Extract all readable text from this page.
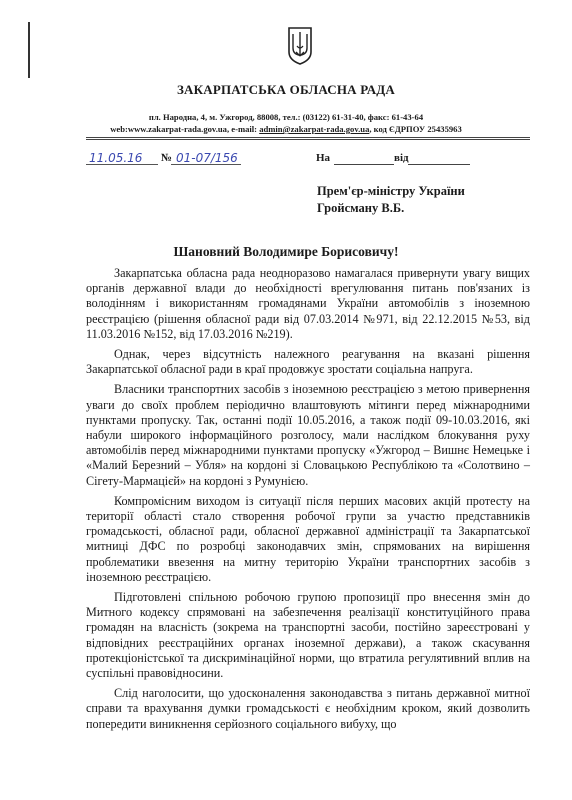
ЗАКАРПАТСЬКА ОБЛАСНА РАДА
пл. Народна, 4, м. Ужгород, 88008, тел.: (03122) 61-31-40, факс: 61-43-64
web:www.zakarpat-rada.gov.ua, e-mail: admin@zakarpat-rada.gov.ua, код ЄДРПОУ 25435963
11.05.16 № 01-07/156	На	від
Прем'єр-міністру України
Гройсману В.Б.
Шановний Володимире Борисовичу!

Закарпатська обласна рада неодноразово намагалася привернути увагу вищих органів державної влади до необхідності врегулювання питань пов'язаних із володінням і використанням громадянами України автомобілів з іноземною реєстрацією (рішення обласної ради від 07.03.2014 №971, від 22.12.2015 №53, від 11.03.2016 №152, від 17.03.2016 №219).

Однак, через відсутність належного реагування на вказані рішення Закарпатської обласної ради в краї продовжує зростати соціальна напруга.

Власники транспортних засобів з іноземною реєстрацією з метою привернення уваги до своїх проблем періодично влаштовують мітинги перед міжнародними пунктами пропуску. Так, останні події 10.05.2016, а також події 09-10.03.2016, які набули широкого інформаційного розголосу, мали наслідком блокування руху автомобілів перед міжнародними пунктами пропуску «Ужгород – Вишнє Немецьке і «Малий Березний – Убля» на кордоні зі Словацькою Республікою та «Солотвино – Сігету-Мармацієй» на кордоні з Румунією.

Компромісним виходом із ситуації після перших масових акцій протесту на території області стало створення робочої групи за участю представників громадськості, обласної ради, обласної державної адміністрації та Закарпатської митниці ДФС по розробці законодавчих змін, спрямованих на вирішення проблематики ввезення на митну територію України транспортних засобів з іноземною реєстрацією.

Підготовлені спільною робочою групою пропозиції про внесення змін до Митного кодексу спрямовані на забезпечення реалізації конституційного права громадян на власність (зокрема на транспортні засоби, постійно зареєстровані у відповідних реєстраційних органах іноземної держави), а також скасування протекціоністської та дискримінаційної норми, що втратила регулятивний вплив на суспільні правовідносини.

Слід наголосити, що удосконалення законодавства з питань державної митної справи та врахування думки громадськості є необхідним кроком, який дозволить попередити виникнення серйозного соціального вибуху, що
